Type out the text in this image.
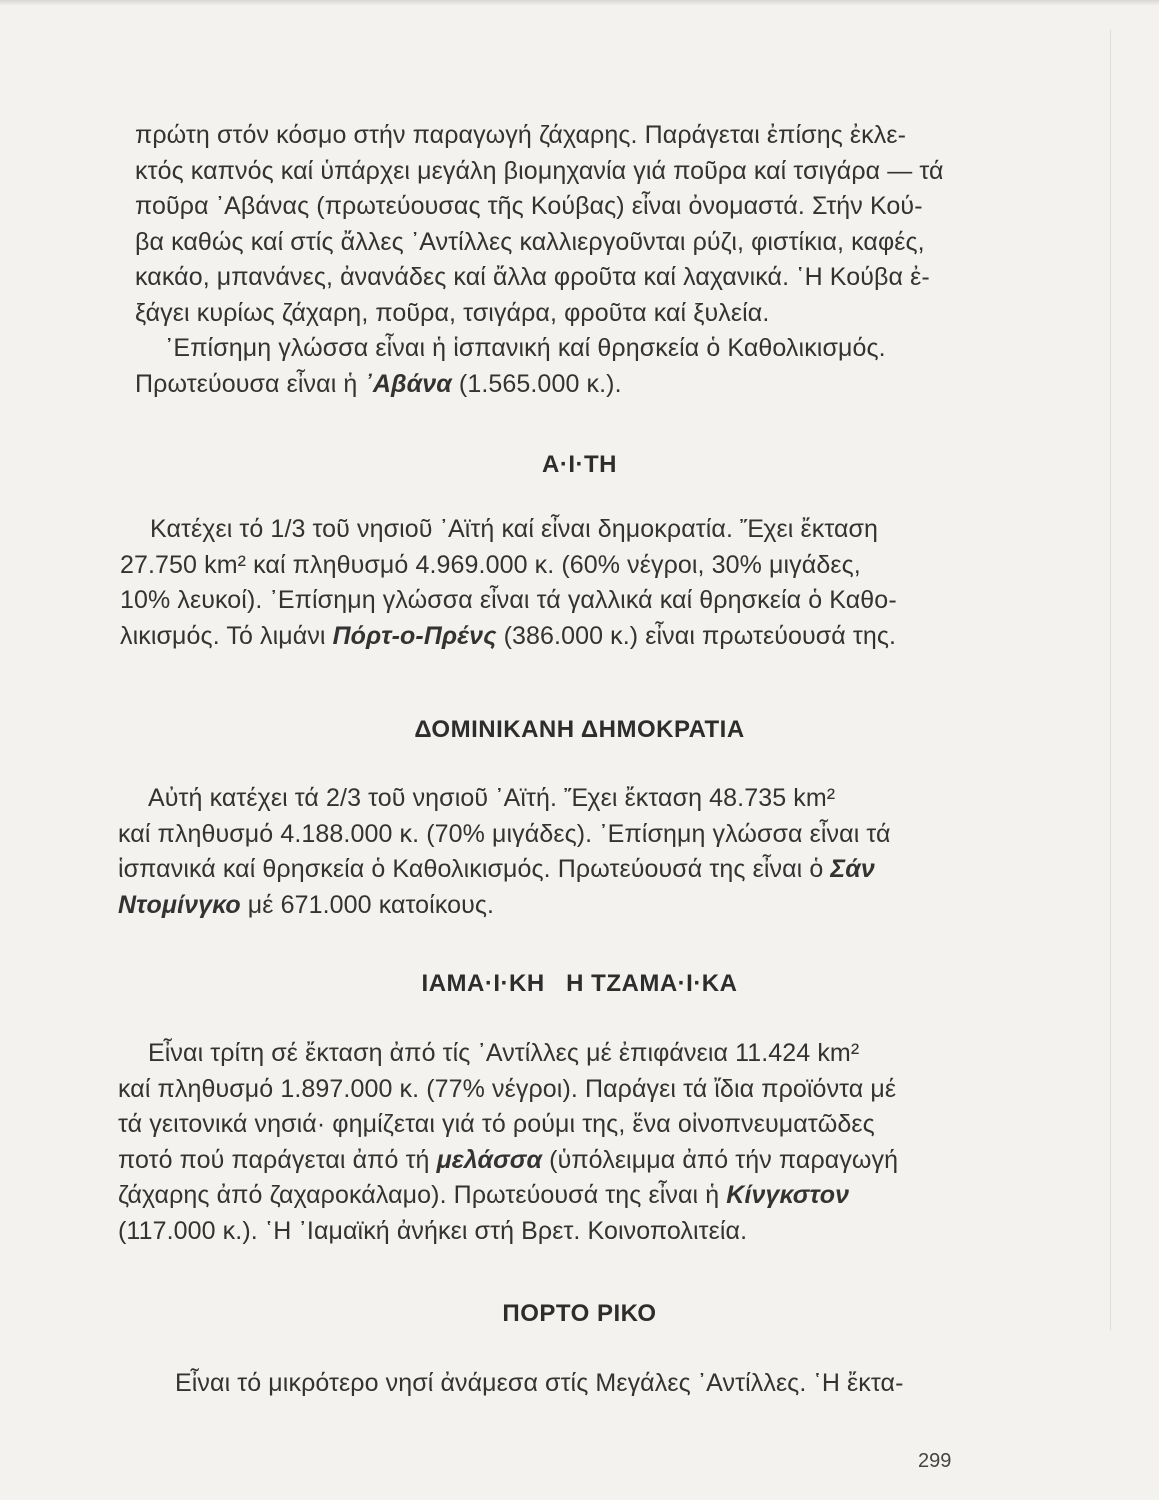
πρώτη στόν κόσμο στήν παραγωγή ζάχαρης. Παράγεται ἐπίσης ἐκλε-
κτός καπνός καί ὑπάρχει μεγάλη βιομηχανία γιά ποῦρα καί τσιγάρα — τά
ποῦρα ᾿Αβάνας (πρωτεύουσας τῆς Κούβας) εἶναι ὀνομαστά. Στήν Κού-
βα καθώς καί στίς ἄλλες ᾿Αντίλλες καλλιεργοῦνται ρύζι, φιστίκια, καφές,
κακάο, μπανάνες, ἀνανάδες καί ἄλλα φροῦτα καί λαχανικά. ῾Η Κούβα ἐ-
ξάγει κυρίως ζάχαρη, ποῦρα, τσιγάρα, φροῦτα καί ξυλεία.
᾿Επίσημη γλώσσα εἶναι ἡ ἱσπανική καί θρησκεία ὁ Καθολικισμός.
Πρωτεύουσα εἶναι ἡ ᾿Αβάνα (1.565.000 κ.).
Α·Ι·ΤΗ
Κατέχει τό 1/3 τοῦ νησιοῦ ᾿Αϊτή καί εἶναι δημοκρατία. Ἔχει ἔκταση
27.750 km² καί πληθυσμό 4.969.000 κ. (60% νέγροι, 30% μιγάδες,
10% λευκοί). ᾿Επίσημη γλώσσα εἶναι τά γαλλικά καί θρησκεία ὁ Καθο-
λικισμός. Τό λιμάνι Πόρτ-ο-Πρένς (386.000 κ.) εἶναι πρωτεύουσά της.
ΔΟΜΙΝΙΚΑΝΗ ΔΗΜΟΚΡΑΤΙΑ
Αὐτή κατέχει τά 2/3 τοῦ νησιοῦ ᾿Αϊτή. Ἔχει ἔκταση 48.735 km²
καί πληθυσμό 4.188.000 κ. (70% μιγάδες). ᾿Επίσημη γλώσσα εἶναι τά
ἱσπανικά καί θρησκεία ὁ Καθολικισμός. Πρωτεύουσά της εἶναι ὁ Σάν
Ντομίνγκο μέ 671.000 κατοίκους.
ΙΑΜΑ·Ι·ΚΗ   Η ΤΖΑΜΑ·Ι·ΚΑ
Εἶναι τρίτη σέ ἔκταση ἀπό τίς ᾿Αντίλλες μέ ἐπιφάνεια 11.424 km²
καί πληθυσμό 1.897.000 κ. (77% νέγροι). Παράγει τά ἴδια προϊόντα μέ
τά γειτονικά νησιά· φημίζεται γιά τό ρούμι της, ἕνα οἰνοπνευματῶδες
ποτό πού παράγεται ἀπό τή μελάσσα (ὑπόλειμμα ἀπό τήν παραγωγή
ζάχαρης ἀπό ζαχαροκάλαμο). Πρωτεύουσά της εἶναι ἡ Κίνγκστον
(117.000 κ.). ῾Η ᾿Ιαμαϊκή ἀνήκει στή Βρετ. Κοινοπολιτεία.
ΠΟΡΤΟ ΡΙΚΟ
Εἶναι τό μικρότερο νησί ἀνάμεσα στίς Μεγάλες ᾿Αντίλλες. ῾Η ἔκτα-
299
